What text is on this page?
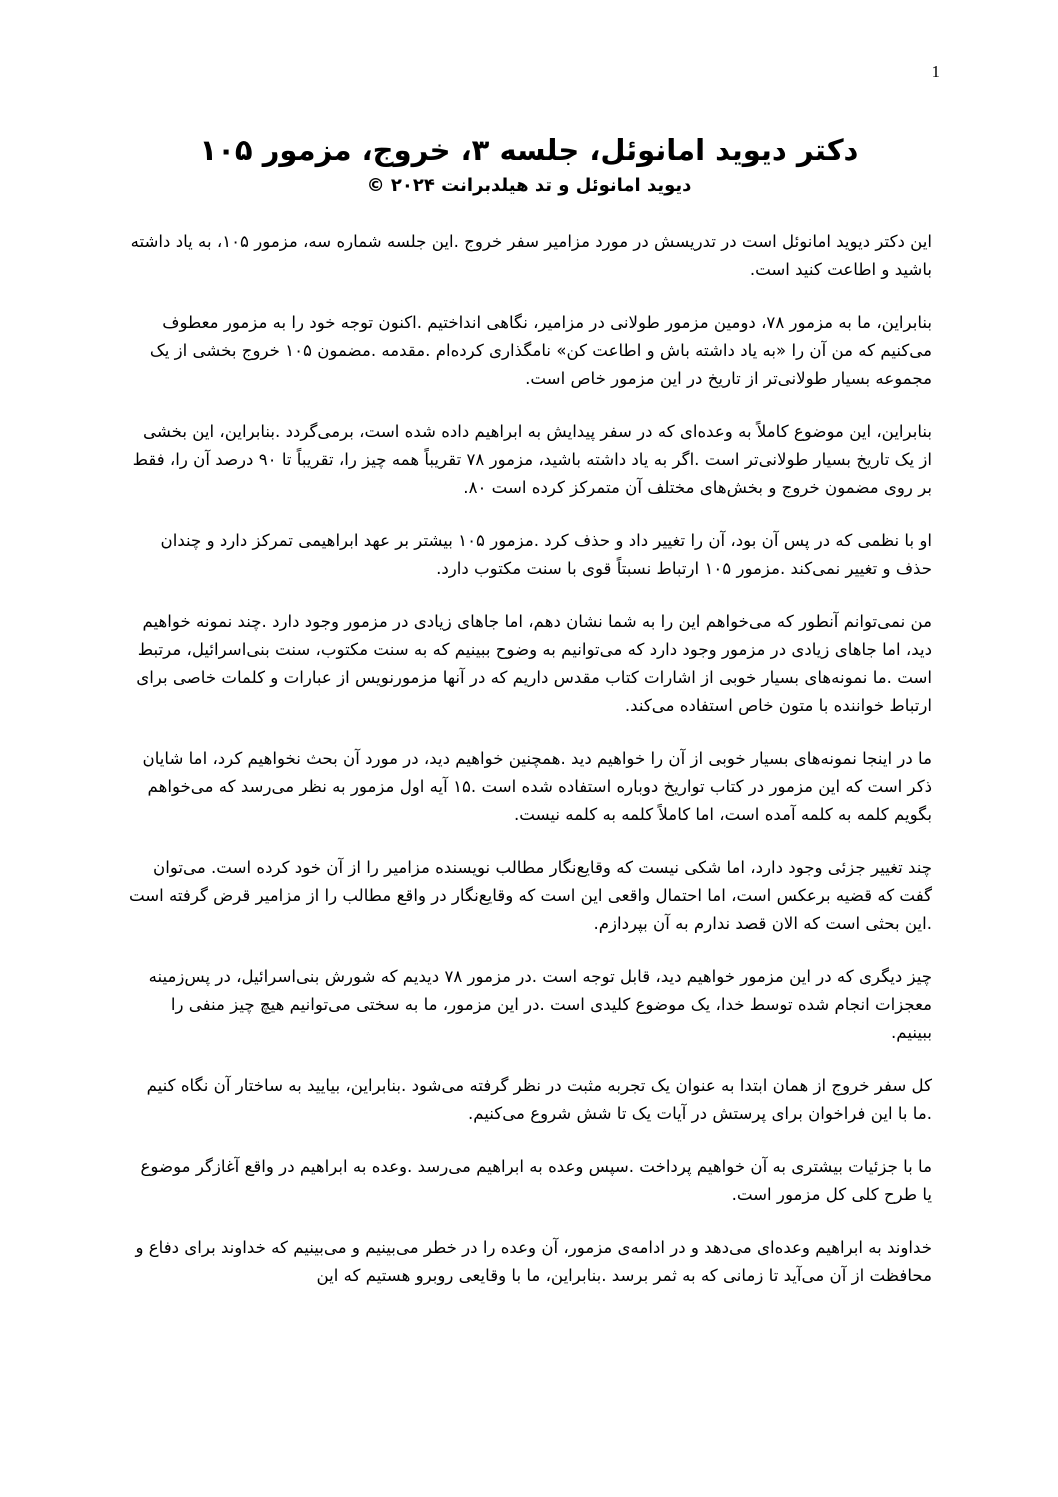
1
دکتر دیوید امانوئل، جلسه ۳، خروج، مزمور ۱۰۵

دیوید امانوئل و تد هیلدبرانت ۲۰۲۴ ©

این دکتر دیوید امانوئل است در تدریسش در مورد مزامیر سفر خروج .این جلسه شماره سه، مزمور ۱۰۵، به یاد داشته باشید و اطاعت کنید است.

بنابراین، ما به مزمور ۷۸، دومین مزمور طولانی در مزامیر، نگاهی انداختیم .اکنون توجه خود را به مزمور معطوف می‌کنیم که من آن را «به یاد داشته باش و اطاعت کن» نامگذاری کرده‌ام .مقدمه .مضمون ۱۰۵ خروج بخشی از یک مجموعه بسیار طولانی‌تر از تاریخ در این مزمور خاص است.

بنابراین، این موضوع کاملاً به وعده‌ای که در سفر پیدایش به ابراهیم داده شده است، برمی‌گردد .بنابراین، این بخشی از یک تاریخ بسیار طولانی‌تر است .اگر به یاد داشته باشید، مزمور ۷۸ تقریباً همه چیز را، تقریباً تا ۹۰ درصد آن را، فقط بر روی مضمون خروج و بخش‌های مختلف آن متمرکز کرده است ۸۰.

او با نظمی که در پس آن بود، آن را تغییر داد و حذف کرد .مزمور ۱۰۵ بیشتر بر عهد ابراهیمی تمرکز دارد و چندان حذف و تغییر نمی‌کند .مزمور ۱۰۵ ارتباط نسبتاً قوی با سنت مکتوب دارد.

من نمی‌توانم آنطور که می‌خواهم این را به شما نشان دهم، اما جاهای زیادی در مزمور وجود دارد .چند نمونه خواهیم دید، اما جاهای زیادی در مزمور وجود دارد که می‌توانیم به وضوح ببینیم که به سنت مکتوب، سنت بنی‌اسرائیل، مرتبط است .ما نمونه‌های بسیار خوبی از اشارات کتاب مقدس داریم که در آنها مزمورنویس از عبارات و کلمات خاصی برای ارتباط خواننده با متون خاص استفاده می‌کند.

ما در اینجا نمونه‌های بسیار خوبی از آن را خواهیم دید .همچنین خواهیم دید، در مورد آن بحث نخواهیم کرد، اما شایان ذکر است که این مزمور در کتاب تواریخ دوباره استفاده شده است .۱۵ آیه اول مزمور به نظر می‌رسد که می‌خواهم بگویم کلمه به کلمه آمده است، اما کاملاً کلمه به کلمه نیست.

چند تغییر جزئی وجود دارد، اما شکی نیست که وقایع‌نگار مطالب نویسنده مزامیر را از آن خود کرده است. می‌توان گفت که قضیه برعکس است، اما احتمال واقعی این است که وقایع‌نگار در واقع مطالب را از مزامیر قرض گرفته است .این بحثی است که الان قصد ندارم به آن بپردازم.

چیز دیگری که در این مزمور خواهیم دید، قابل توجه است .در مزمور ۷۸ دیدیم که شورش بنی‌اسرائیل، در پس‌زمینه معجزات انجام شده توسط خدا، یک موضوع کلیدی است .در این مزمور، ما به سختی می‌توانیم هیچ چیز منفی را ببینیم.

کل سفر خروج از همان ابتدا به عنوان یک تجربه مثبت در نظر گرفته می‌شود .بنابراین، بیایید به ساختار آن نگاه کنیم .ما با این فراخوان برای پرستش در آیات یک تا شش شروع می‌کنیم.

ما با جزئیات بیشتری به آن خواهیم پرداخت .سپس وعده به ابراهیم می‌رسد .وعده به ابراهیم در واقع آغازگر موضوع یا طرح کلی کل مزمور است.

خداوند به ابراهیم وعده‌ای می‌دهد و در ادامه‌ی مزمور، آن وعده را در خطر می‌بینیم و می‌بینیم که خداوند برای دفاع و محافظت از آن می‌آید تا زمانی که به ثمر برسد .بنابراین، ما با وقایعی روبرو هستیم که این
